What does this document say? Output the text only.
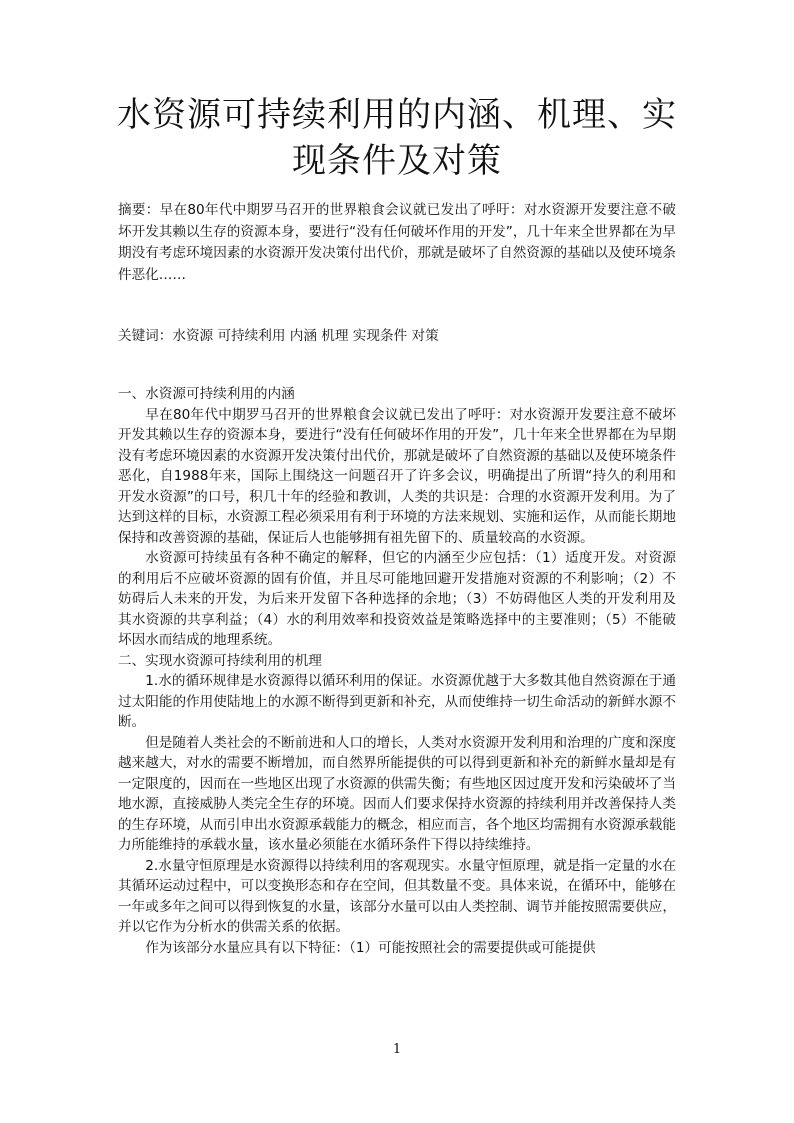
水资源可持续利用的内涵、机理、实现条件及对策

摘要：早在80年代中期罗马召开的世界粮食会议就已发出了呼吁：对水资源开发要注意不破坏开发其赖以生存的资源本身，要进行“没有任何破坏作用的开发”，几十年来全世界都在为早期没有考虑环境因素的水资源开发决策付出代价，那就是破坏了自然资源的基础以及使环境条件恶化……

关键词：水资源 可持续利用 内涵 机理 实现条件 对策

一、水资源可持续利用的内涵

早在80年代中期罗马召开的世界粮食会议就已发出了呼吁：对水资源开发要注意不破坏开发其赖以生存的资源本身，要进行“没有任何破坏作用的开发”，几十年来全世界都在为早期没有考虑环境因素的水资源开发决策付出代价，那就是破坏了自然资源的基础以及使环境条件恶化，自1988年来，国际上围绕这一问题召开了许多会议，明确提出了所谓“持久的利用和开发水资源”的口号，积几十年的经验和教训，人类的共识是：合理的水资源开发利用。为了达到这样的目标，水资源工程必须采用有利于环境的方法来规划、实施和运作，从而能长期地保持和改善资源的基础，保证后人也能够拥有祖先留下的、质量较高的水资源。

水资源可持续虽有各种不确定的解释，但它的内涵至少应包括：（1）适度开发。对资源的利用后不应破坏资源的固有价值，并且尽可能地回避开发措施对资源的不利影响；（2）不妨碍后人未来的开发，为后来开发留下各种选择的余地；（3）不妨碍他区人类的开发利用及其水资源的共享利益；（4）水的利用效率和投资效益是策略选择中的主要准则；（5）不能破坏因水而结成的地理系统。

二、实现水资源可持续利用的机理

1.水的循环规律是水资源得以循环利用的保证。水资源优越于大多数其他自然资源在于通过太阳能的作用使陆地上的水源不断得到更新和补充，从而使维持一切生命活动的新鲜水源不断。

但是随着人类社会的不断前进和人口的增长，人类对水资源开发利用和治理的广度和深度越来越大，对水的需要不断增加，而自然界所能提供的可以得到更新和补充的新鲜水量却是有一定限度的，因而在一些地区出现了水资源的供需失衡；有些地区因过度开发和污染破坏了当地水源，直接威胁人类完全生存的环境。因而人们要求保持水资源的持续利用并改善保持人类的生存环境，从而引申出水资源承载能力的概念，相应而言，各个地区均需拥有水资源承载能力所能维持的承载水量，该水量必须能在水循环条件下得以持续维持。

2.水量守恒原理是水资源得以持续利用的客观现实。水量守恒原理，就是指一定量的水在其循环运动过程中，可以变换形态和存在空间，但其数量不变。具体来说，在循环中，能够在一年或多年之间可以得到恢复的水量，该部分水量可以由人类控制、调节并能按照需要供应，并以它作为分析水的供需关系的依据。

作为该部分水量应具有以下特征：（1）可能按照社会的需要提供或可能提供

1
